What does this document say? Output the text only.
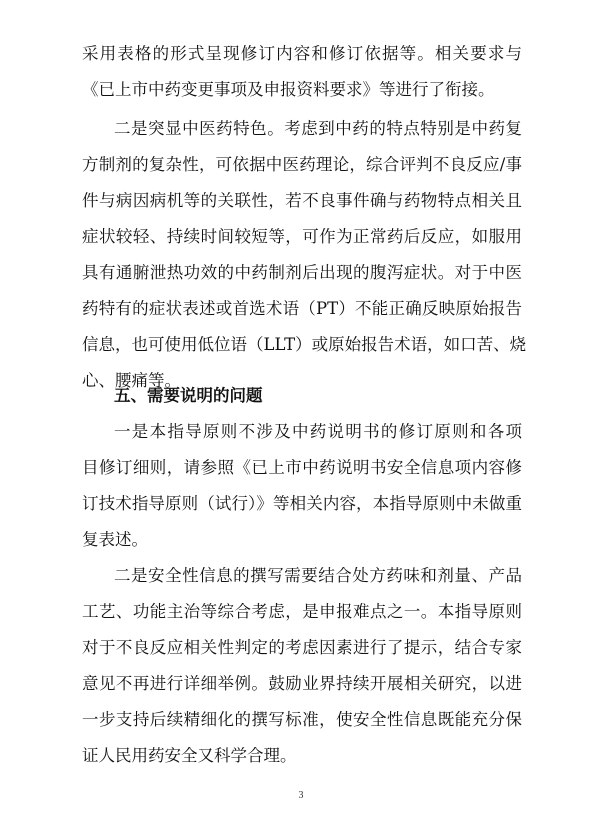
采用表格的形式呈现修订内容和修订依据等。相关要求与
《已上市中药变更事项及申报资料要求》等进行了衔接。
二是突显中医药特色。考虑到中药的特点特别是中药复
方制剂的复杂性，可依据中医药理论，综合评判不良反应/事
件与病因病机等的关联性，若不良事件确与药物特点相关且
症状较轻、持续时间较短等，可作为正常药后反应，如服用
具有通腑泄热功效的中药制剂后出现的腹泻症状。对于中医
药特有的症状表述或首选术语（PT）不能正确反映原始报告
信息，也可使用低位语（LLT）或原始报告术语，如口苦、烧
心、腰痛等。
五、需要说明的问题
一是本指导原则不涉及中药说明书的修订原则和各项
目修订细则，请参照《已上市中药说明书安全信息项内容修
订技术指导原则（试行）》等相关内容，本指导原则中未做重
复表述。
二是安全性信息的撰写需要结合处方药味和剂量、产品
工艺、功能主治等综合考虑，是申报难点之一。本指导原则
对于不良反应相关性判定的考虑因素进行了提示，结合专家
意见不再进行详细举例。鼓励业界持续开展相关研究，以进
一步支持后续精细化的撰写标准，使安全性信息既能充分保
证人民用药安全又科学合理。
3
